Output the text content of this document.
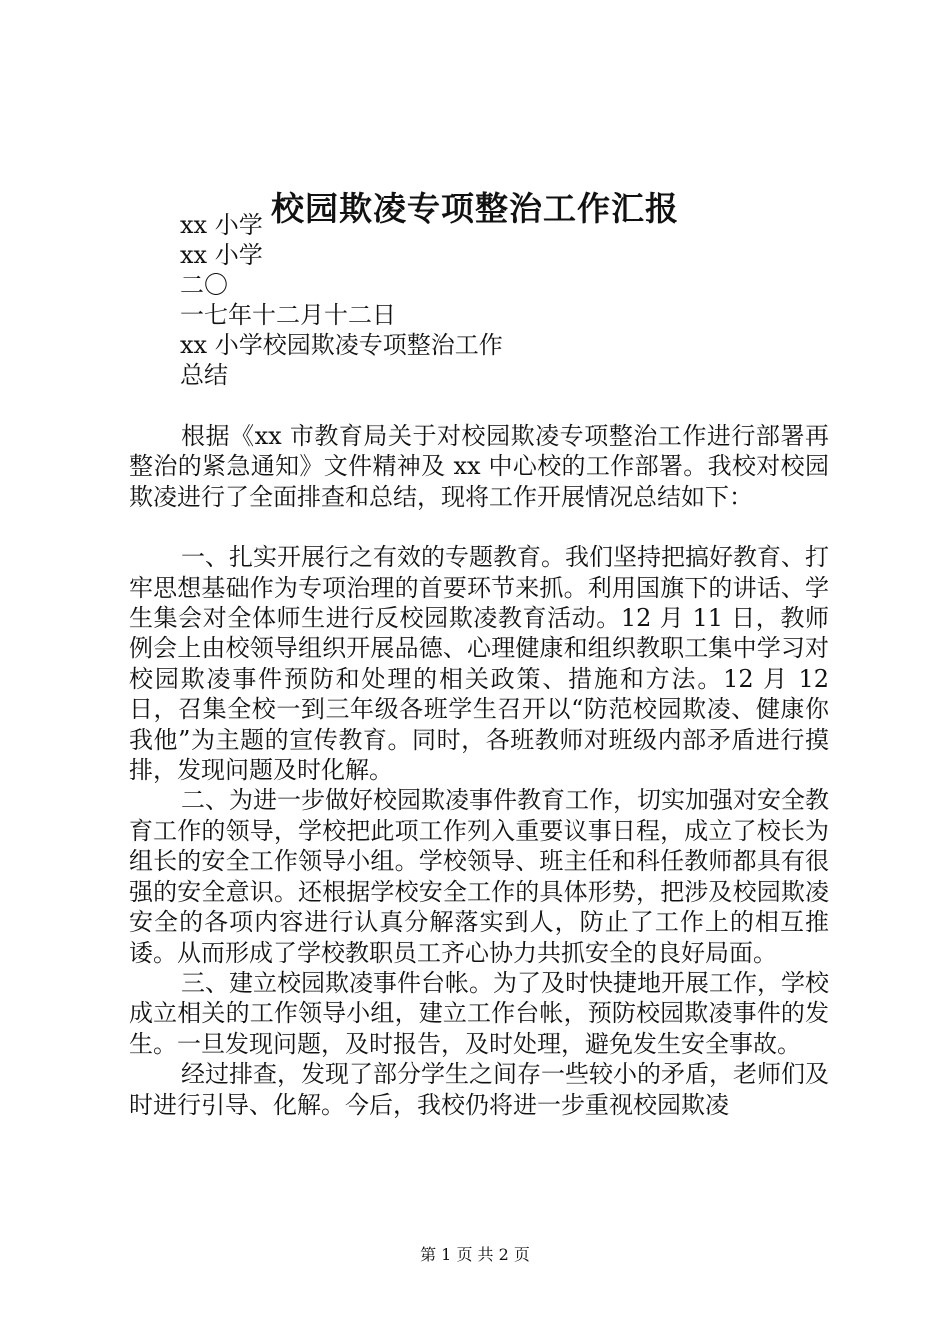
校园欺凌专项整治工作汇报
xx 小学
xx 小学
二〇
一七年十二月十二日
xx 小学校园欺凌专项整治工作
总结

根据《xx 市教育局关于对校园欺凌专项整治工作进行部署再整治的紧急通知》文件精神及 xx 中心校的工作部署。我校对校园欺凌进行了全面排查和总结，现将工作开展情况总结如下：

一、扎实开展行之有效的专题教育。我们坚持把搞好教育、打牢思想基础作为专项治理的首要环节来抓。利用国旗下的讲话、学生集会对全体师生进行反校园欺凌教育活动。12 月 11 日，教师例会上由校领导组织开展品德、心理健康和组织教职工集中学习对校园欺凌事件预防和处理的相关政策、措施和方法。12 月 12 日，召集全校一到三年级各班学生召开以“防范校园欺凌、健康你我他”为主题的宣传教育。同时，各班教师对班级内部矛盾进行摸排，发现问题及时化解。

二、为进一步做好校园欺凌事件教育工作，切实加强对安全教育工作的领导，学校把此项工作列入重要议事日程，成立了校长为组长的安全工作领导小组。学校领导、班主任和科任教师都具有很强的安全意识。还根据学校安全工作的具体形势，把涉及校园欺凌安全的各项内容进行认真分解落实到人，防止了工作上的相互推诿。从而形成了学校教职员工齐心协力共抓安全的良好局面。

三、建立校园欺凌事件台帐。为了及时快捷地开展工作，学校成立相关的工作领导小组，建立工作台帐，预防校园欺凌事件的发生。一旦发现问题，及时报告，及时处理，避免发生安全事故。

经过排查，发现了部分学生之间存一些较小的矛盾，老师们及时进行引导、化解。今后，我校仍将进一步重视校园欺凌

第 1 页 共 2 页
